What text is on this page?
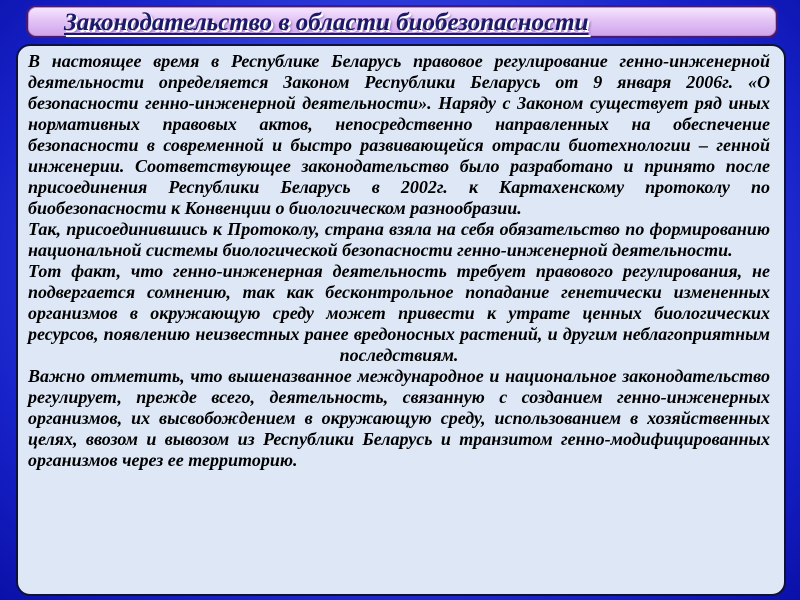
Законодательство в области биобезопасности

В настоящее время в Республике Беларусь правовое регулирование генно-инженерной деятельности определяется Законом Республики Беларусь от 9 января 2006г. «О безопасности генно-инженерной деятельности». Наряду с Законом существует ряд иных нормативных правовых актов, непосредственно направленных на обеспечение безопасности в современной и быстро развивающейся отрасли биотехнологии – генной инженерии. Соответствующее законодательство было разработано и принято после присоединения Республики Беларусь в 2002г. к Картахенскому протоколу по биобезопасности к Конвенции о биологическом разнообразии.

Так, присоединившись к Протоколу, страна взяла на себя обязательство по формированию национальной системы биологической безопасности генно-инженерной деятельности.

Тот факт, что генно-инженерная деятельность требует правового регулирования, не подвергается сомнению, так как бесконтрольное попадание генетически измененных организмов в окружающую среду может привести к утрате ценных биологических ресурсов, появлению неизвестных ранее вредоносных растений, и другим неблагоприятным последствиям.

Важно отметить, что вышеназванное международное и национальное законодательство регулирует, прежде всего, деятельность, связанную с созданием генно-инженерных организмов, их высвобождением в окружающую среду, использованием в хозяйственных целях, ввозом и вывозом из Республики Беларусь и транзитом генно-модифицированных организмов через ее территорию.
